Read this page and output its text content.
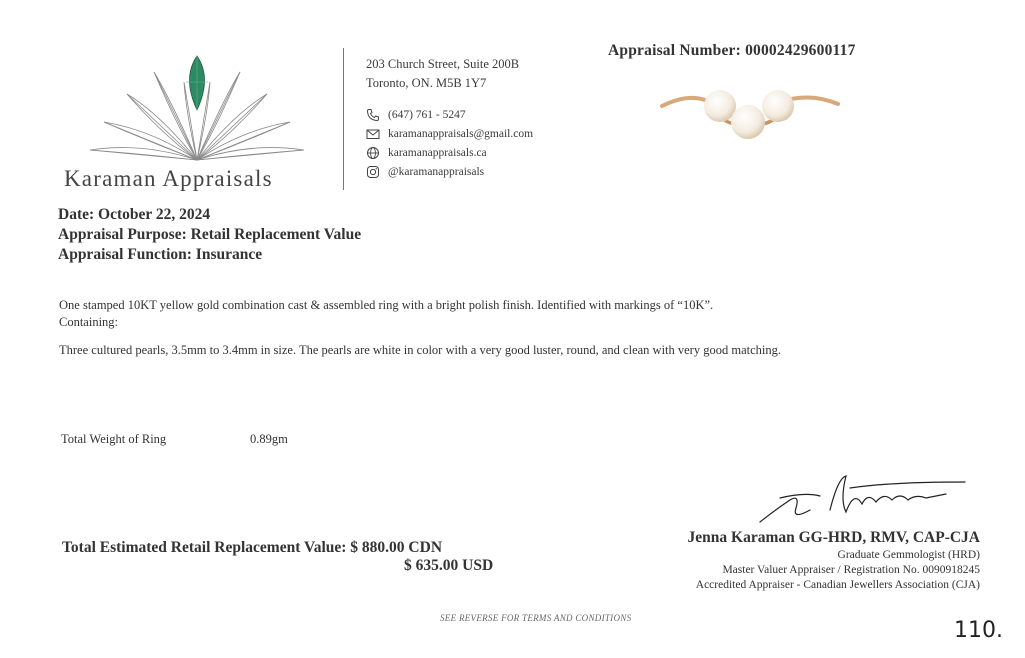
Karaman Appraisals
203 Church Street, Suite 200B
Toronto, ON. M5B 1Y7
(647) 761 - 5247
karamanappraisals@gmail.com
karamanappraisals.ca
@karamanappraisals
Appraisal Number: 00002429600117
Date: October 22, 2024
Appraisal Purpose: Retail Replacement Value
Appraisal Function: Insurance
One stamped 10KT yellow gold combination cast & assembled ring with a bright polish finish. Identified with markings of “10K”.
Containing:
Three cultured pearls, 3.5mm to 3.4mm in size. The pearls are white in color with a very good luster, round, and clean with very good matching.
Total Weight of Ring	0.89gm
Total Estimated Retail Replacement Value: $ 880.00 CDN
$ 635.00 USD
Jenna Karaman GG-HRD, RMV, CAP-CJA
Graduate Gemmologist (HRD)
Master Valuer Appraiser / Registration No. 0090918245
Accredited Appraiser - Canadian Jewellers Association (CJA)
SEE REVERSE FOR TERMS AND CONDITIONS	110.
